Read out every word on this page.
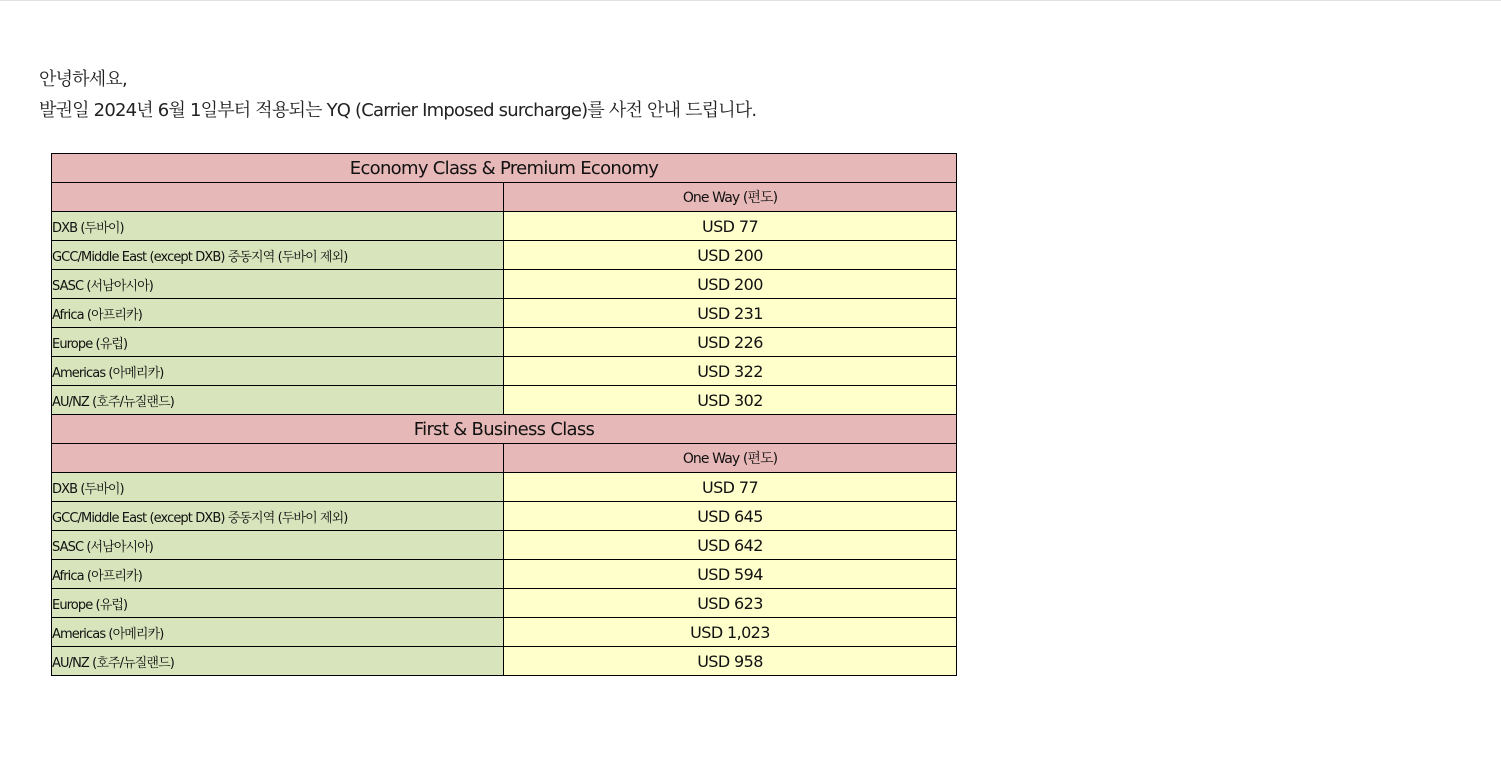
안녕하세요,

발권일 2024년 6월 1일부터 적용되는 YQ (Carrier Imposed surcharge)를 사전 안내 드립니다.

Economy Class & Premium Economy	
	One Way (편도)
DXB (두바이)	USD 77
GCC/Middle East (except DXB) 중동지역 (두바이 제외)	USD 200
SASC (서남아시아)	USD 200
Africa (아프리카)	USD 231
Europe (유럽)	USD 226
Americas (아메리카)	USD 322
AU/NZ (호주/뉴질랜드)	USD 302
First & Business Class	
	One Way (편도)
DXB (두바이)	USD 77
GCC/Middle East (except DXB) 중동지역 (두바이 제외)	USD 645
SASC (서남아시아)	USD 642
Africa (아프리카)	USD 594
Europe (유럽)	USD 623
Americas (아메리카)	USD 1,023
AU/NZ (호주/뉴질랜드)	USD 958
